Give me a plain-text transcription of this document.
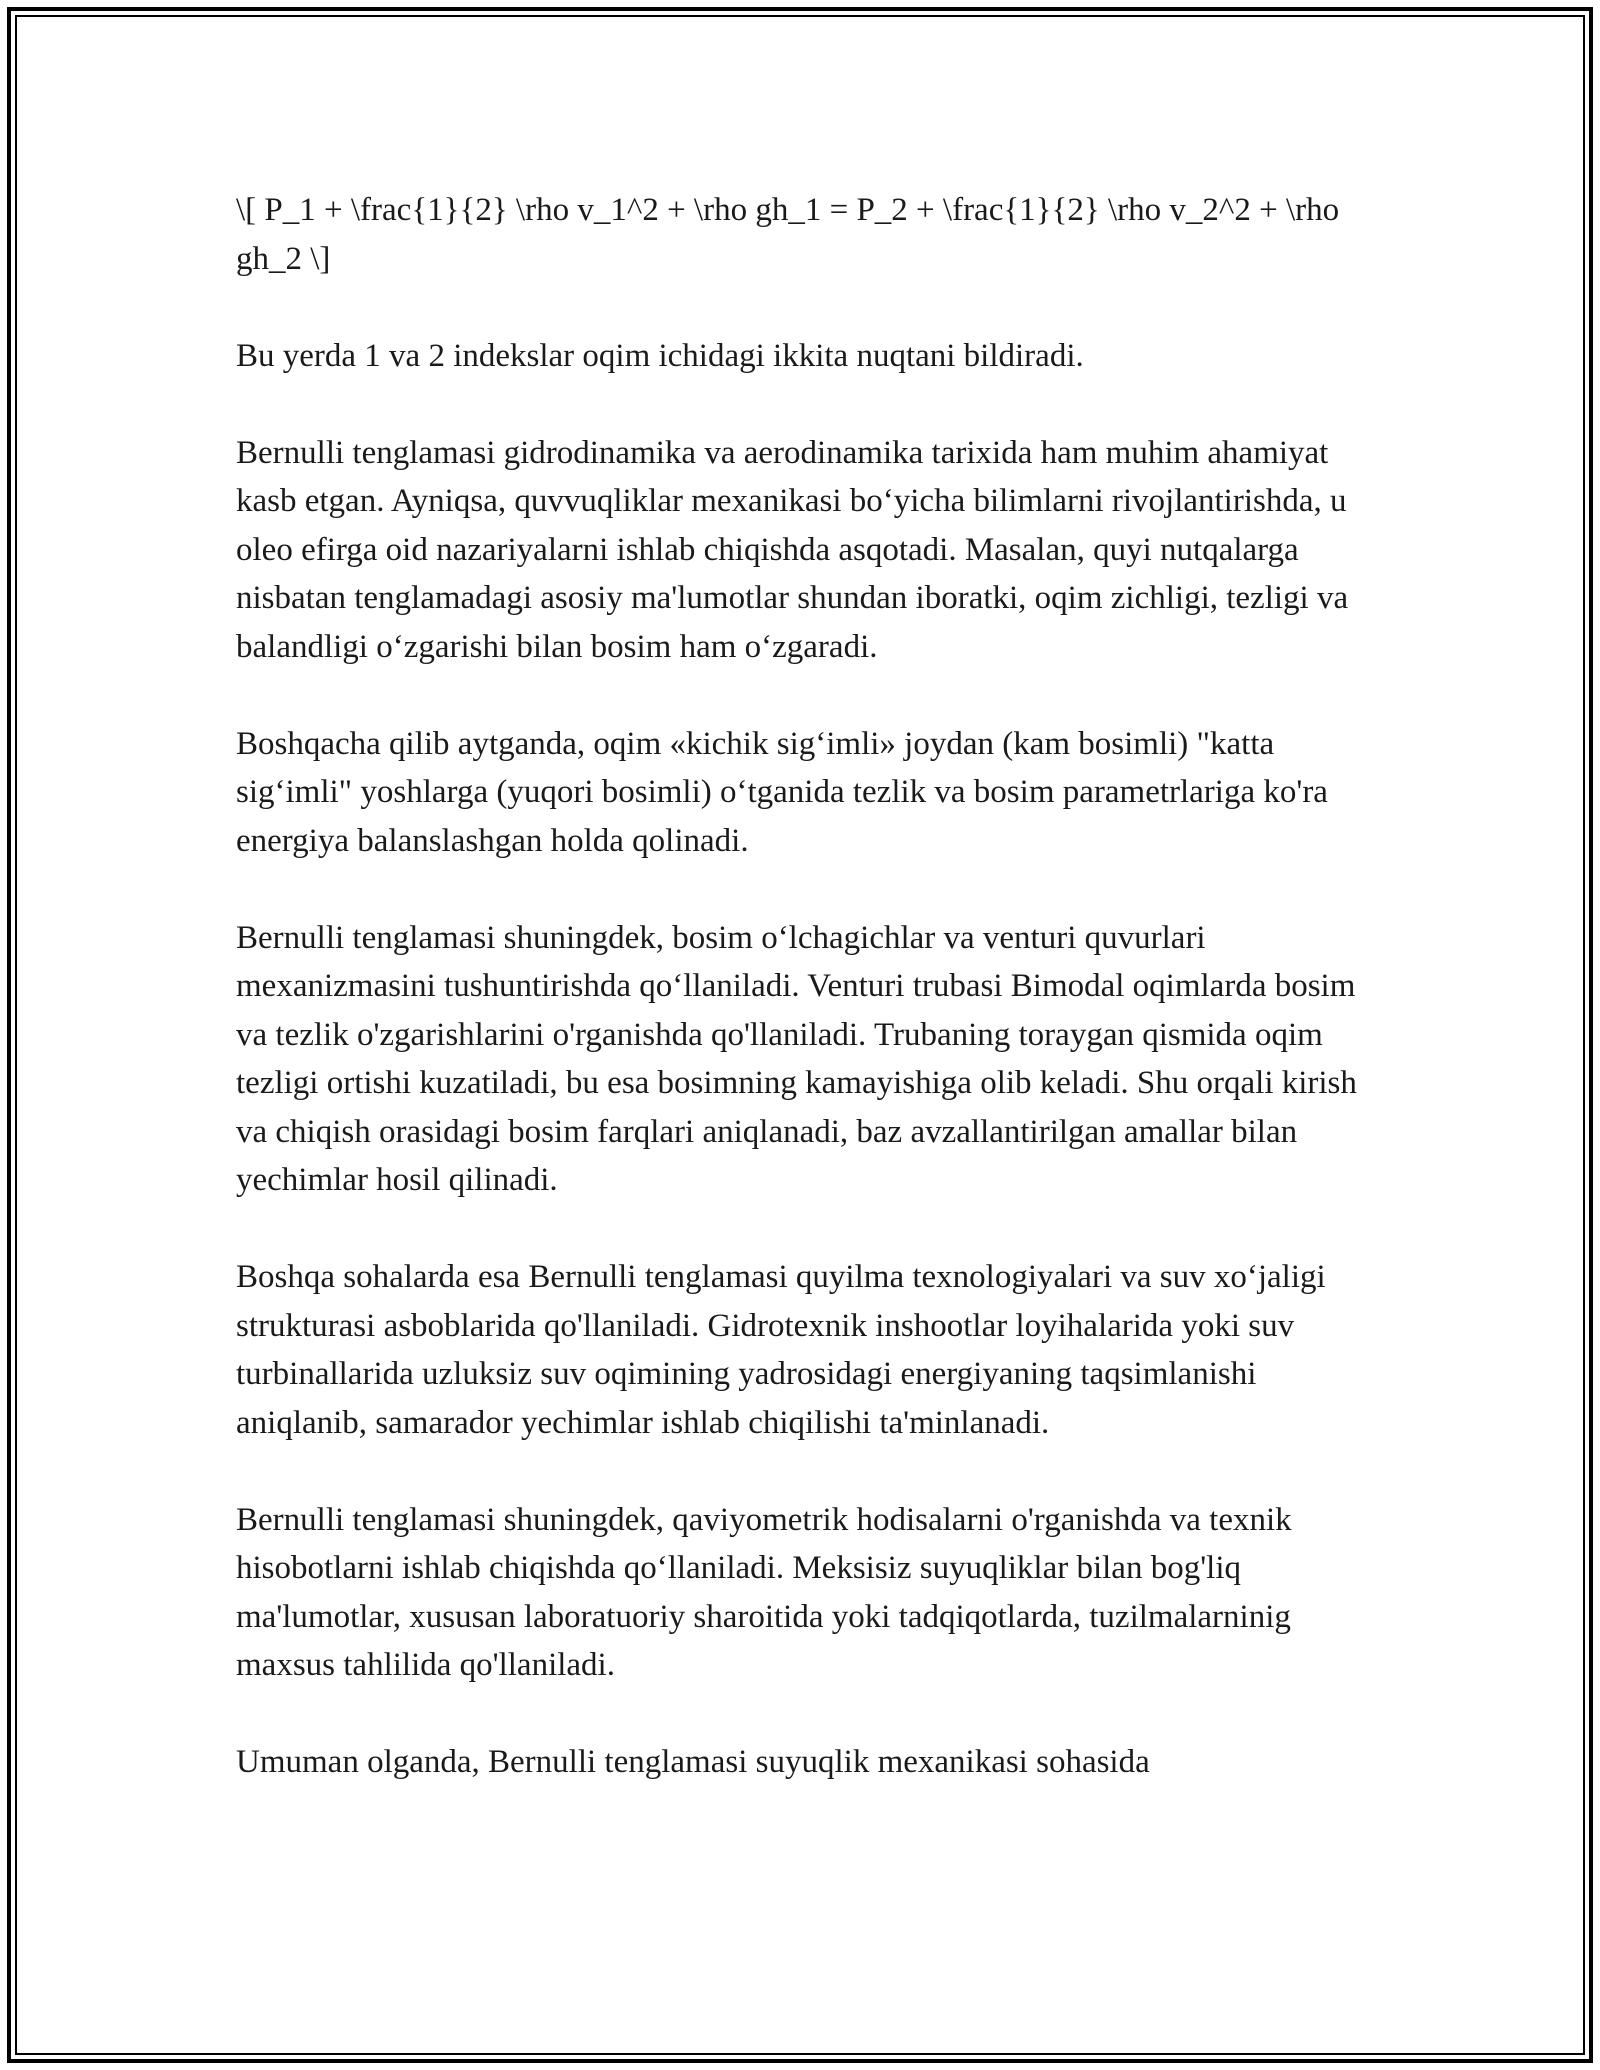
\[ P_1 + \frac{1}{2} \rho v_1^2 + \rho gh_1 = P_2 + \frac{1}{2} \rho v_2^2 + \rho gh_2 \]

Bu yerda 1 va 2 indekslar oqim ichidagi ikkita nuqtani bildiradi.

Bernulli tenglamasi gidrodinamika va aerodinamika tarixida ham muhim ahamiyat kasb etgan. Ayniqsa, quvvuqliklar mexanikasi bo‘yicha bilimlarni rivojlantirishda, u oleo efirga oid nazariyalarni ishlab chiqishda asqotadi. Masalan, quyi nutqalarga nisbatan tenglamadagi asosiy ma'lumotlar shundan iboratki, oqim zichligi, tezligi va balandligi o‘zgarishi bilan bosim ham o‘zgaradi.

Boshqacha qilib aytganda, oqim «kichik sig‘imli» joydan (kam bosimli) "katta sig‘imli" yoshlarga (yuqori bosimli) o‘tganida tezlik va bosim parametrlariga ko'ra energiya balanslashgan holda qolinadi.

Bernulli tenglamasi shuningdek, bosim o‘lchagichlar va venturi quvurlari mexanizmasini tushuntirishda qo‘llaniladi. Venturi trubasi Bimodal oqimlarda bosim va tezlik o'zgarishlarini o'rganishda qo'llaniladi. Trubaning toraygan qismida oqim tezligi ortishi kuzatiladi, bu esa bosimning kamayishiga olib keladi. Shu orqali kirish va chiqish orasidagi bosim farqlari aniqlanadi, baz avzallantirilgan amallar bilan yechimlar hosil qilinadi.

Boshqa sohalarda esa Bernulli tenglamasi quyilma texnologiyalari va suv xo‘jaligi strukturasi asboblarida qo'llaniladi. Gidrotexnik inshootlar loyihalarida yoki suv turbinallarida uzluksiz suv oqimining yadrosidagi energiyaning taqsimlanishi aniqlanib, samarador yechimlar ishlab chiqilishi ta'minlanadi.

Bernulli tenglamasi shuningdek, qaviyometrik hodisalarni o'rganishda va texnik hisobotlarni ishlab chiqishda qo‘llaniladi. Meksisiz suyuqliklar bilan bog'liq ma'lumotlar, xususan laboratuoriy sharoitida yoki tadqiqotlarda, tuzilmalarninig maxsus tahlilida qo'llaniladi.

Umuman olganda, Bernulli tenglamasi suyuqlik mexanikasi sohasida
